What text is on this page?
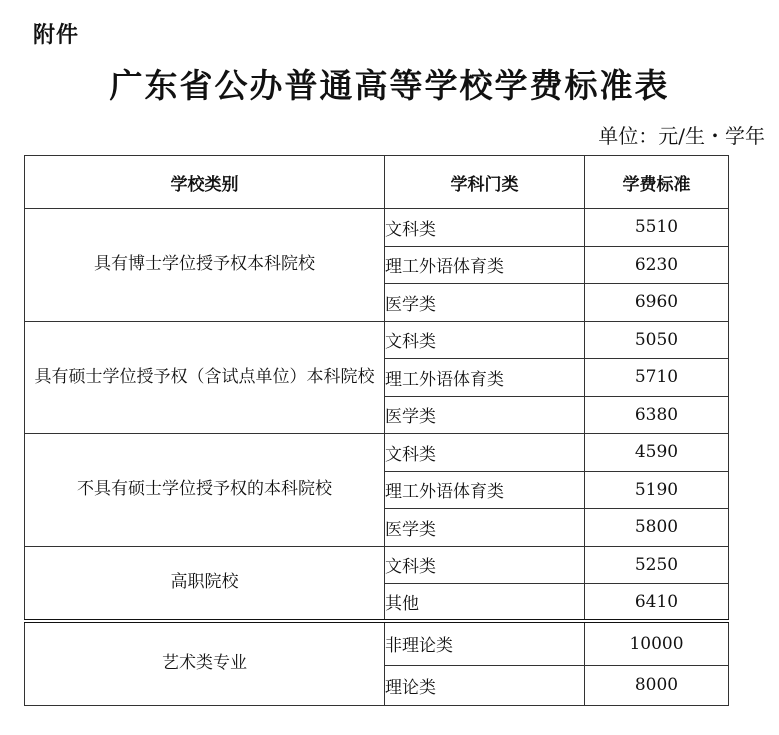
附件
广东省公办普通高等学校学费标准表
单位：元/生・学年
学校类别	学科门类	学费标准
具有博士学位授予权本科院校	文科类	5510
	理工外语体育类	6230
	医学类	6960
具有硕士学位授予权（含试点单位）本科院校	文科类	5050
	理工外语体育类	5710
	医学类	6380
不具有硕士学位授予权的本科院校	文科类	4590
	理工外语体育类	5190
	医学类	5800
高职院校	文科类	5250
	其他	6410
艺术类专业	非理论类	10000
	理论类	8000
